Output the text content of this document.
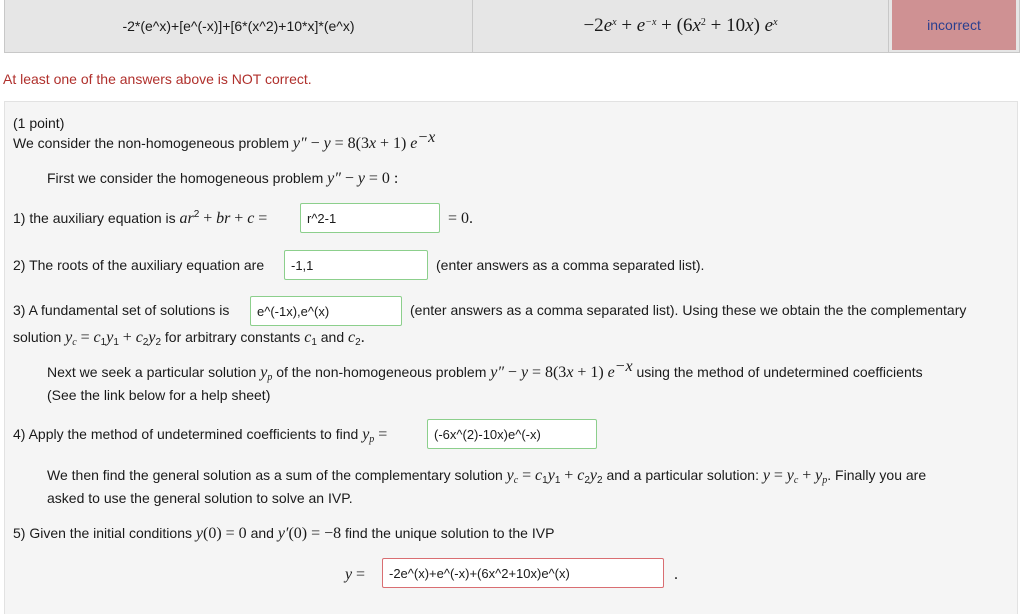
-2*(e^x)+[e^(-x)]+[6*(x^2)+10*x]*(e^x)	$-2e^x + e^{-x} + (6x^2 + 10x)$ $e^x$	incorrect
At least one of the answers above is NOT correct.
(1 point)
We consider the non-homogeneous problem y″ − y = 8(3x + 1) $e^{-x}$
First we consider the homogeneous problem y″ − y = 0 :
1) the auxiliary equation is $ar^2$ + br + c =	r^2-1	= 0.
2) The roots of the auxiliary equation are	-1,1	(enter answers as a comma separated list).
3) A fundamental set of solutions is	e^(-1x),e^(x)	(enter answers as a comma separated list). Using these we obtain the the complementary
solution $y_c = c_1y_1 + c_2y_2$ for arbitrary constants $c_1$ and $c_2$.
Next we seek a particular solution $y_p$ of the non-homogeneous problem y″ − y = 8(3x + 1) $e^{-x}$ using the method of undetermined coefficients
(See the link below for a help sheet)
4) Apply the method of undetermined coefficients to find $y_p$ =	(-6x^(2)-10x)e^(-x)
We then find the general solution as a sum of the complementary solution $y_c = c_1y_1 + c_2y_2$ and a particular solution: $y = y_c + y_p$. Finally you are
asked to use the general solution to solve an IVP.
5) Given the initial conditions y(0) = 0 and y′(0) = −8 find the unique solution to the IVP
y =	-2e^(x)+e^(-x)+(6x^2+10x)e^(x)	.
